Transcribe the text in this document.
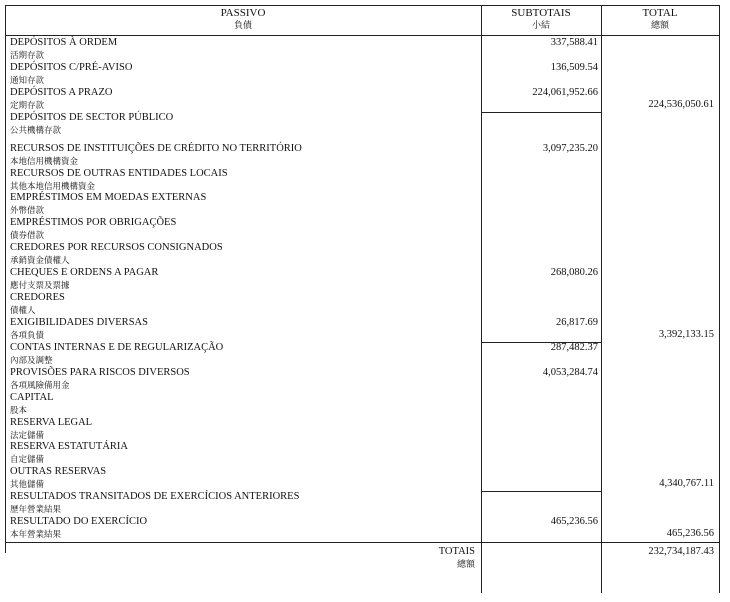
PASSIVO
負債
SUBTOTAIS
小結
TOTAL
總額
DEPÓSITOS À ORDEM
活期存款
337,588.41
DEPÓSITOS C/PRÉ-AVISO
通知存款
136,509.54
DEPÓSITOS A PRAZO
定期存款
224,061,952.66
224,536,050.61
DEPÓSITOS DE SECTOR PÚBLICO
公共機構存款
RECURSOS DE INSTITUIÇÕES DE CRÉDITO NO TERRITÓRIO
本地信用機構資金
3,097,235.20
RECURSOS DE OUTRAS ENTIDADES LOCAIS
其他本地信用機構資金
EMPRÉSTIMOS EM MOEDAS EXTERNAS
外幣借款
EMPRÉSTIMOS POR OBRIGAÇÕES
債券借款
CREDORES POR RECURSOS CONSIGNADOS
承銷資金債權人
CHEQUES E ORDENS A PAGAR
應付支票及票據
268,080.26
CREDORES
債權人
EXIGIBILIDADES DIVERSAS
各項負債
26,817.69
3,392,133.15
CONTAS INTERNAS E DE REGULARIZAÇÃO
內部及調整
287,482.37
PROVISÕES PARA RISCOS DIVERSOS
各項風險備用金
4,053,284.74
CAPITAL
股本
RESERVA LEGAL
法定儲備
RESERVA ESTATUTÁRIA
自定儲備
OUTRAS RESERVAS
其他儲備	4,340,767.11
RESULTADOS TRANSITADOS DE EXERCÍCIOS ANTERIORES
歷年營業結果
RESULTADO DO EXERCÍCIO
本年營業結果
465,236.56
465,236.56
TOTAIS
總額
232,734,187.43
